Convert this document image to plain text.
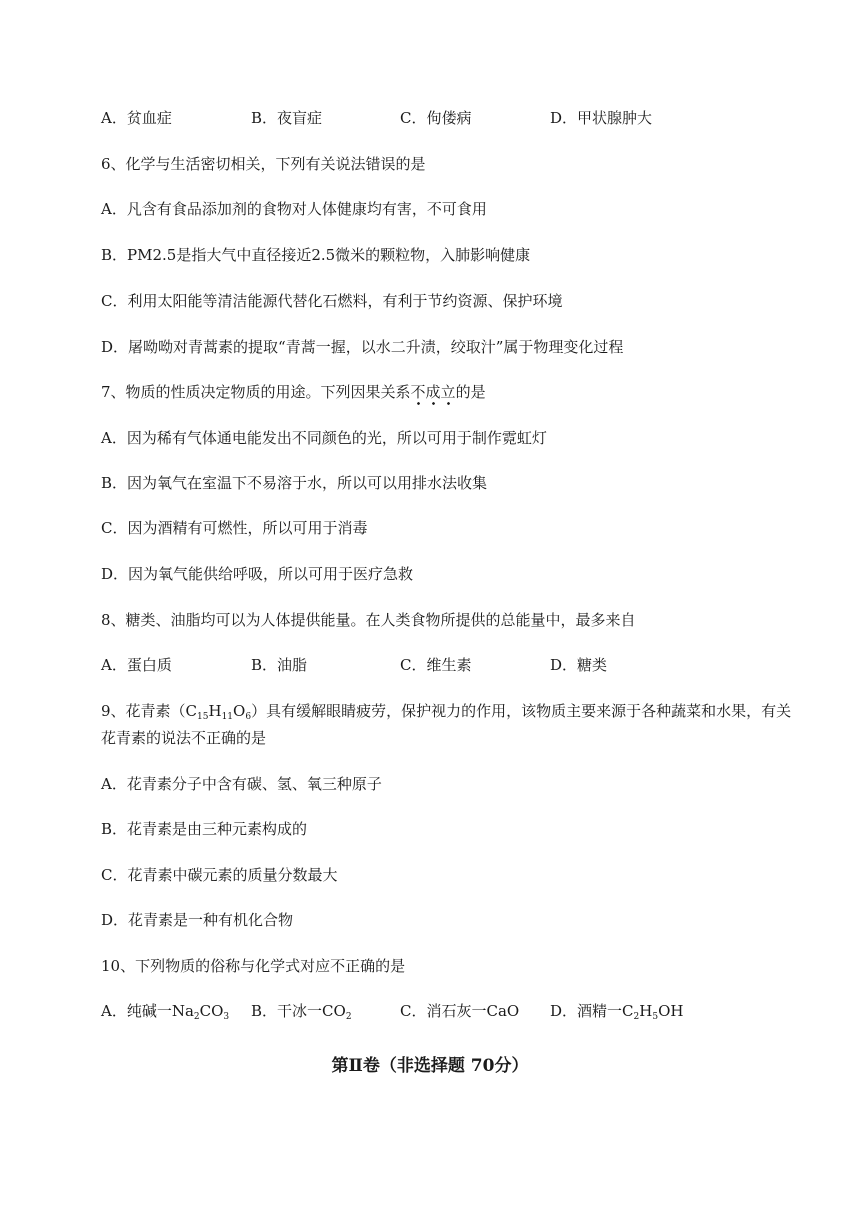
A．贫血症	B．夜盲症	C．佝偻病	D．甲状腺肿大
6、化学与生活密切相关，下列有关说法错误的是
A．凡含有食品添加剂的食物对人体健康均有害，不可食用
B．PM2.5是指大气中直径接近2.5微米的颗粒物，入肺影响健康
C．利用太阳能等清洁能源代替化石燃料，有利于节约资源、保护环境
D．屠呦呦对青蒿素的提取“青蒿一握，以水二升渍，绞取汁”属于物理变化过程
7、物质的性质决定物质的用途。下列因果关系不成立的是
A．因为稀有气体通电能发出不同颜色的光，所以可用于制作霓虹灯
B．因为氧气在室温下不易溶于水，所以可以用排水法收集
C．因为酒精有可燃性，所以可用于消毒
D．因为氧气能供给呼吸，所以可用于医疗急救
8、糖类、油脂均可以为人体提供能量。在人类食物所提供的总能量中，最多来自
A．蛋白质	B．油脂	C．维生素	D．糖类
9、花青素$(C_{15}H_{11}O_6)$具有缓解眼睛疲劳，保护视力的作用，该物质主要来源于各种蔬菜和水果，有关
花青素的说法不正确的是
A．花青素分子中含有碳、氢、氧三种原子
B．花青素是由三种元素构成的
C．花青素中碳元素的质量分数最大
D．花青素是一种有机化合物
10、下列物质的俗称与化学式对应不正确的是
A．纯碱一$Na_2CO_3$ B．干冰一$CO_2$	C．消石灰一CaO D．酒精一$C_2H_5OH$
第Ⅱ卷（非选择题 70分）
